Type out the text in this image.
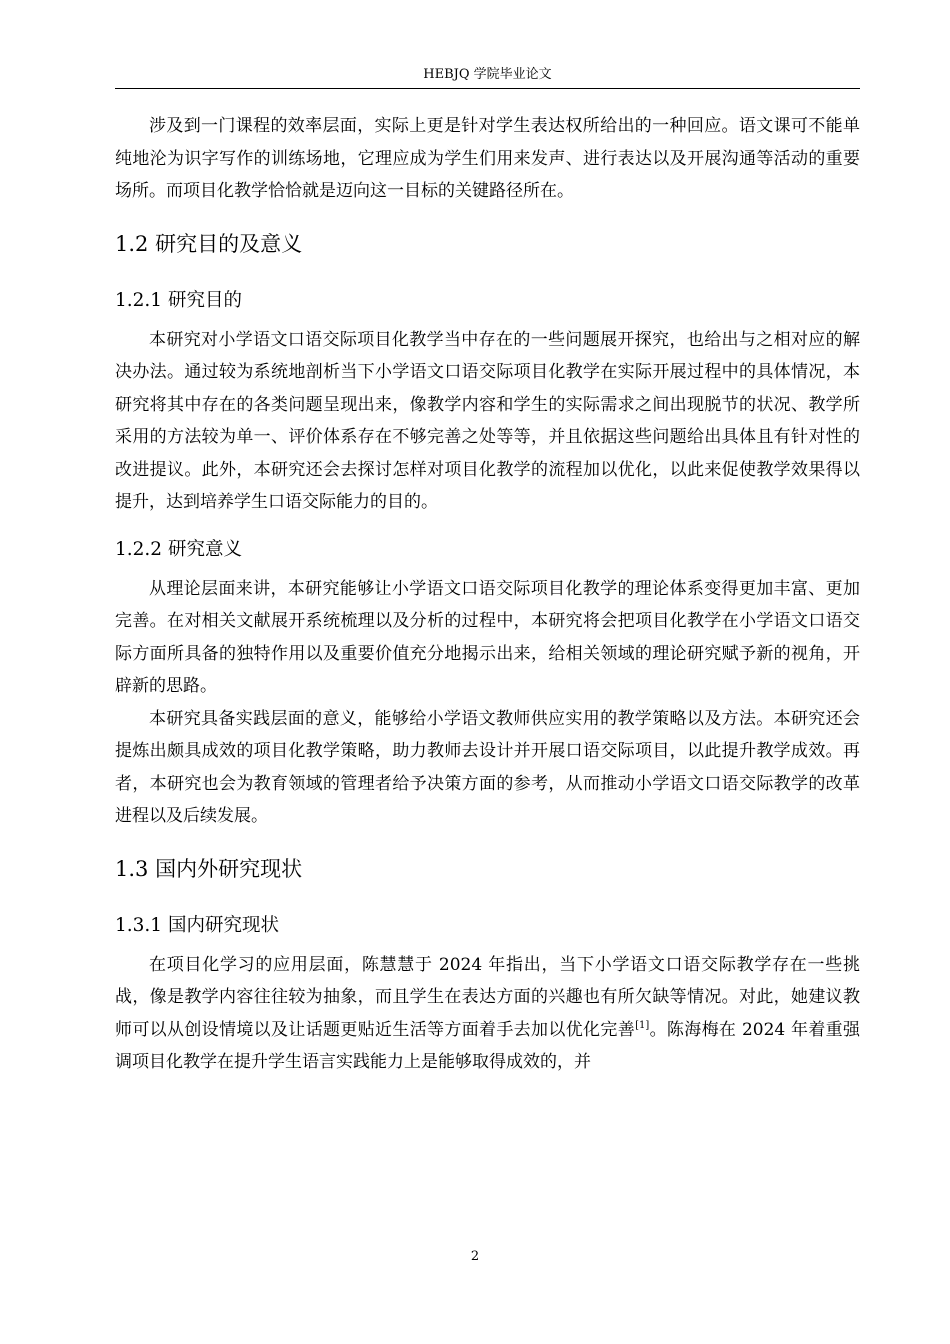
HEBJQ 学院毕业论文

涉及到一门课程的效率层面，实际上更是针对学生表达权所给出的一种回应。语文课可不能单纯地沦为识字写作的训练场地，它理应成为学生们用来发声、进行表达以及开展沟通等活动的重要场所。而项目化教学恰恰就是迈向这一目标的关键路径所在。

1.2 研究目的及意义
1.2.1 研究目的

本研究对小学语文口语交际项目化教学当中存在的一些问题展开探究，也给出与之相对应的解决办法。通过较为系统地剖析当下小学语文口语交际项目化教学在实际开展过程中的具体情况，本研究将其中存在的各类问题呈现出来，像教学内容和学生的实际需求之间出现脱节的状况、教学所采用的方法较为单一、评价体系存在不够完善之处等等，并且依据这些问题给出具体且有针对性的改进提议。此外，本研究还会去探讨怎样对项目化教学的流程加以优化，以此来促使教学效果得以提升，达到培养学生口语交际能力的目的。

1.2.2 研究意义

从理论层面来讲，本研究能够让小学语文口语交际项目化教学的理论体系变得更加丰富、更加完善。在对相关文献展开系统梳理以及分析的过程中，本研究将会把项目化教学在小学语文口语交际方面所具备的独特作用以及重要价值充分地揭示出来，给相关领域的理论研究赋予新的视角，开辟新的思路。

本研究具备实践层面的意义，能够给小学语文教师供应实用的教学策略以及方法。本研究还会提炼出颇具成效的项目化教学策略，助力教师去设计并开展口语交际项目，以此提升教学成效。再者，本研究也会为教育领域的管理者给予决策方面的参考，从而推动小学语文口语交际教学的改革进程以及后续发展。

1.3 国内外研究现状
1.3.1 国内研究现状

在项目化学习的应用层面，陈慧慧于 2024 年指出，当下小学语文口语交际教学存在一些挑战，像是教学内容往往较为抽象，而且学生在表达方面的兴趣也有所欠缺等情况。对此，她建议教师可以从创设情境以及让话题更贴近生活等方面着手去加以优化完善[1]。陈海梅在 2024 年着重强调项目化教学在提升学生语言实践能力上是能够取得成效的，并

2
